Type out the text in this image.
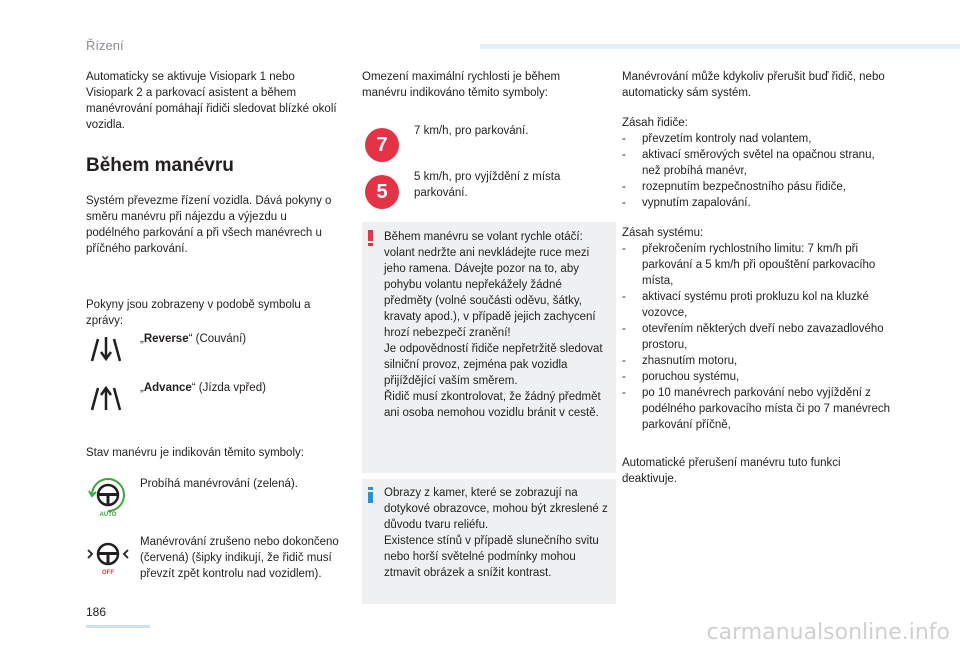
Řízení

Automaticky se aktivuje Visiopark 1 nebo Visiopark 2 a parkovací asistent a během manévrování pomáhají řidiči sledovat blízké okolí vozidla.

Během manévru

Systém převezme řízení vozidla. Dává pokyny o směru manévru při nájezdu a výjezdu u podélného parkování a při všech manévrech u příčného parkování.

Pokyny jsou zobrazeny v podobě symbolu a zprávy:

„Reverse“ (Couvání)

„Advance“ (Jízda vpřed)

Stav manévru je indikován těmito symboly:

AUTO

Probíhá manévrování (zelená).

OFF

Manévrování zrušeno nebo dokončeno (červená) (šipky indikují, že řidič musí převzít zpět kontrolu nad vozidlem).

Omezení maximální rychlosti je během manévru indikováno těmito symboly:

7
7 km/h, pro parkování.
5
5 km/h, pro vyjíždění z místa parkování.
Během manévru se volant rychle otáčí: volant nedržte ani nevkládejte ruce mezi jeho ramena. Dávejte pozor na to, aby pohybu volantu nepřekážely žádné předměty (volné součásti oděvu, šátky, kravaty apod.), v případě jejich zachycení hrozí nebezpečí zranění!
Je odpovědností řidiče nepřetržitě sledovat silniční provoz, zejména pak vozidla přijíždějící vaším směrem.
Řidič musí zkontrolovat, že žádný předmět ani osoba nemohou vozidlu bránit v cestě.
Obrazy z kamer, které se zobrazují na dotykové obrazovce, mohou být zkreslené z důvodu tvaru reliéfu.
Existence stínů v případě slunečního svitu nebo horší světelné podmínky mohou ztmavit obrázek a snížit kontrast.

Manévrování může kdykoliv přerušit buď řidič, nebo automaticky sám systém.

Zásah řidiče:

- převzetím kontroly nad volantem,
- aktivací směrových světel na opačnou stranu, než probíhá manévr,
- rozepnutím bezpečnostního pásu řidiče,
- vypnutím zapalování.

Zásah systému:

- překročením rychlostního limitu: 7 km/h při parkování a 5 km/h při opouštění parkovacího místa,
- aktivací systému proti prokluzu kol na kluzké vozovce,
- otevřením některých dveří nebo zavazadlového prostoru,
- zhasnutím motoru,
- poruchou systému,
- po 10 manévrech parkování nebo vyjíždění z podélného parkovacího místa či po 7 manévrech parkování příčně,

Automatické přerušení manévru tuto funkci deaktivuje.

186
carmanualsonline.info
